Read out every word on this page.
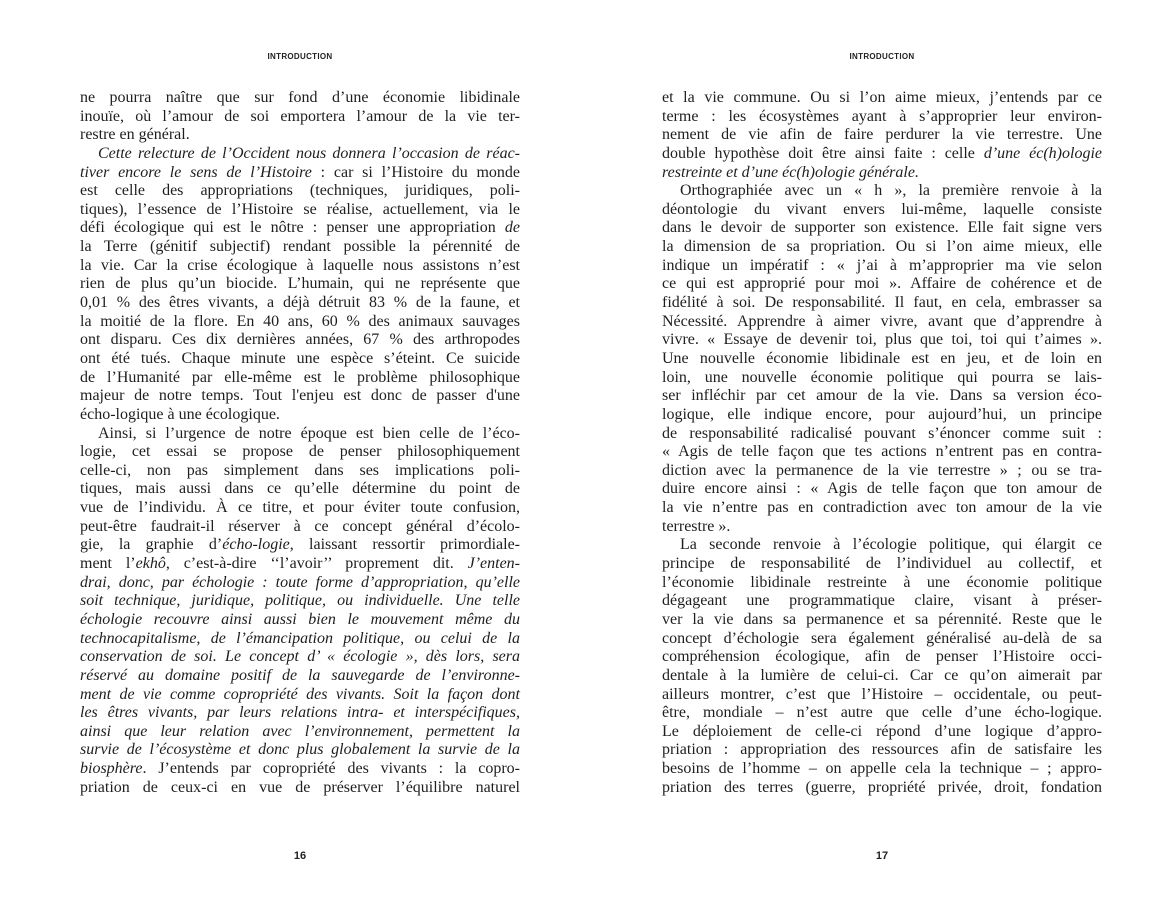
INTRODUCTION
ne pourra naître que sur fond d’une économie libidinale
inouïe, où l’amour de soi emportera l’amour de la vie ter-
restre en général.
Cette relecture de l’Occident nous donnera l’occasion de réac-
tiver encore le sens de l’Histoire : car si l’Histoire du monde
est celle des appropriations (techniques, juridiques, poli-
tiques), l’essence de l’Histoire se réalise, actuellement, via le
défi écologique qui est le nôtre : penser une appropriation de
la Terre (génitif subjectif) rendant possible la pérennité de
la vie. Car la crise écologique à laquelle nous assistons n’est
rien de plus qu’un biocide. L’humain, qui ne représente que
0,01 % des êtres vivants, a déjà détruit 83 % de la faune, et
la moitié de la flore. En 40 ans, 60 % des animaux sauvages
ont disparu. Ces dix dernières années, 67 % des arthropodes
ont été tués. Chaque minute une espèce s’éteint. Ce suicide
de l’Humanité par elle-même est le problème philosophique
majeur de notre temps. Tout l'enjeu est donc de passer d'une
écho-logique à une écologique.
Ainsi, si l’urgence de notre époque est bien celle de l’éco-
logie, cet essai se propose de penser philosophiquement
celle-ci, non pas simplement dans ses implications poli-
tiques, mais aussi dans ce qu’elle détermine du point de
vue de l’individu. À ce titre, et pour éviter toute confusion,
peut-être faudrait-il réserver à ce concept général d’écolo-
gie, la graphie d’écho-logie, laissant ressortir primordiale-
ment l’ekhô, c’est-à-dire ‘‘l’avoir’’ proprement dit. J’enten-
drai, donc, par échologie : toute forme d’appropriation, qu’elle
soit technique, juridique, politique, ou individuelle. Une telle
échologie recouvre ainsi aussi bien le mouvement même du
technocapitalisme, de l’émancipation politique, ou celui de la
conservation de soi. Le concept d’ « écologie », dès lors, sera
réservé au domaine positif de la sauvegarde de l’environne-
ment de vie comme copropriété des vivants. Soit la façon dont
les êtres vivants, par leurs relations intra- et interspécifiques,
ainsi que leur relation avec l’environnement, permettent la
survie de l’écosystème et donc plus globalement la survie de la
biosphère. J’entends par copropriété des vivants : la copro-
priation de ceux-ci en vue de préserver l’équilibre naturel
16
INTRODUCTION
et la vie commune. Ou si l’on aime mieux, j’entends par ce
terme : les écosystèmes ayant à s’approprier leur environ-
nement de vie afin de faire perdurer la vie terrestre. Une
double hypothèse doit être ainsi faite : celle d’une éc(h)ologie
restreinte et d’une éc(h)ologie générale.
Orthographiée avec un « h », la première renvoie à la
déontologie du vivant envers lui-même, laquelle consiste
dans le devoir de supporter son existence. Elle fait signe vers
la dimension de sa propriation. Ou si l’on aime mieux, elle
indique un impératif : « j’ai à m’approprier ma vie selon
ce qui est approprié pour moi ». Affaire de cohérence et de
fidélité à soi. De responsabilité. Il faut, en cela, embrasser sa
Nécessité. Apprendre à aimer vivre, avant que d’apprendre à
vivre. « Essaye de devenir toi, plus que toi, toi qui t’aimes ».
Une nouvelle économie libidinale est en jeu, et de loin en
loin, une nouvelle économie politique qui pourra se lais-
ser infléchir par cet amour de la vie. Dans sa version éco-
logique, elle indique encore, pour aujourd’hui, un principe
de responsabilité radicalisé pouvant s’énoncer comme suit :
« Agis de telle façon que tes actions n’entrent pas en contra-
diction avec la permanence de la vie terrestre » ; ou se tra-
duire encore ainsi : « Agis de telle façon que ton amour de
la vie n’entre pas en contradiction avec ton amour de la vie
terrestre ».
La seconde renvoie à l’écologie politique, qui élargit ce
principe de responsabilité de l’individuel au collectif, et
l’économie libidinale restreinte à une économie politique
dégageant une programmatique claire, visant à préser-
ver la vie dans sa permanence et sa pérennité. Reste que le
concept d’échologie sera également généralisé au-delà de sa
compréhension écologique, afin de penser l’Histoire occi-
dentale à la lumière de celui-ci. Car ce qu’on aimerait par
ailleurs montrer, c’est que l’Histoire – occidentale, ou peut-
être, mondiale – n’est autre que celle d’une écho-logique.
Le déploiement de celle-ci répond d’une logique d’appro-
priation : appropriation des ressources afin de satisfaire les
besoins de l’homme – on appelle cela la technique – ; appro-
priation des terres (guerre, propriété privée, droit, fondation
17
